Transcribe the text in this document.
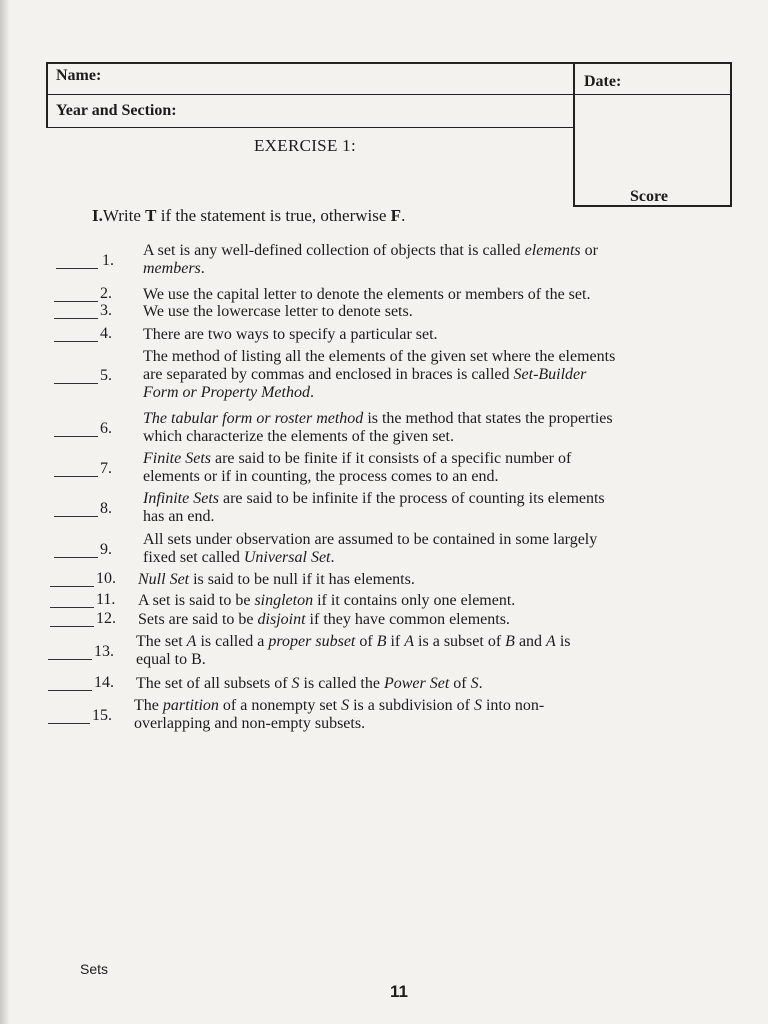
Name:	Date:
Year and Section:
Score
EXERCISE 1:
I.Write T if the statement is true, otherwise F.
1.
A set is any well-defined collection of objects that is called elements or
members.
2. We use the capital letter to denote the elements or members of the set.
3. We use the lowercase letter to denote sets.
4. There are two ways to specify a particular set.
5.
The method of listing all the elements of the given set where the elements
are separated by commas and enclosed in braces is called Set-Builder
Form or Property Method.
6.
The tabular form or roster method is the method that states the properties
which characterize the elements of the given set.
7.
Finite Sets are said to be finite if it consists of a specific number of
elements or if in counting, the process comes to an end.
8.
Infinite Sets are said to be infinite if the process of counting its elements
has an end.
9.
All sets under observation are assumed to be contained in some largely
fixed set called Universal Set.
10. Null Set is said to be null if it has elements.
11. A set is said to be singleton if it contains only one element.
12. Sets are said to be disjoint if they have common elements.
13.
The set A is called a proper subset of B if A is a subset of B and A is
equal to B.
14. The set of all subsets of S is called the Power Set of S.
15.
The partition of a nonempty set S is a subdivision of S into non-
overlapping and non-empty subsets.
Sets
11
